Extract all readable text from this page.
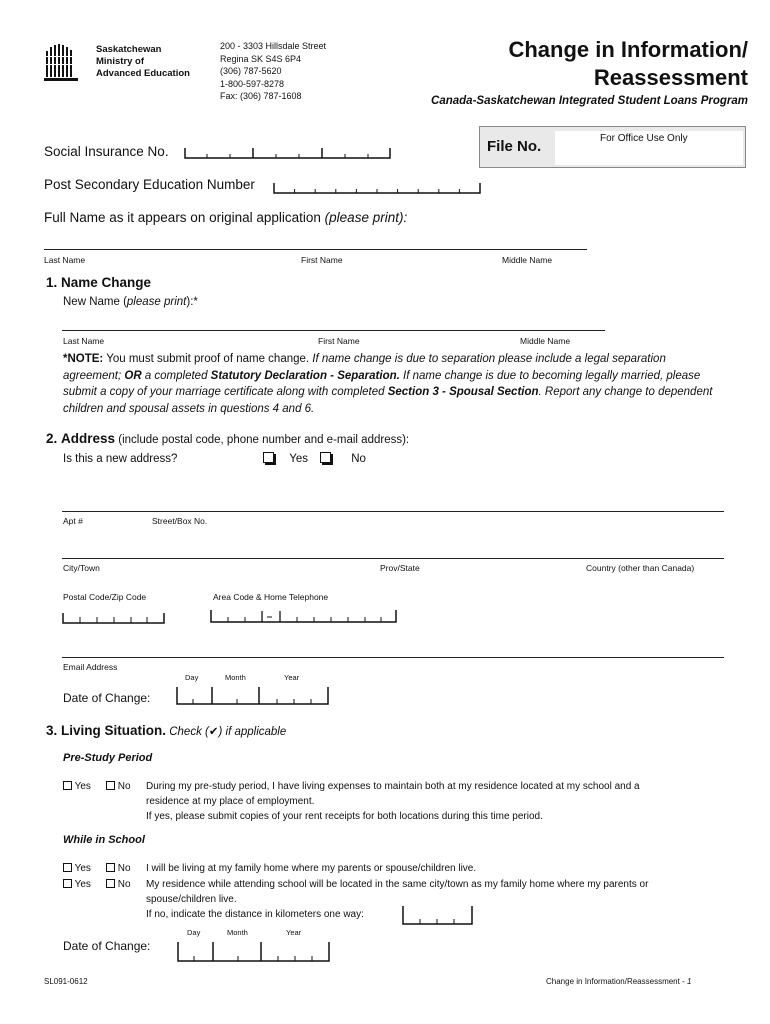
Saskatchewan
Ministry of
Advanced Education
200 - 3303 Hillsdale Street
Regina SK S4S 6P4
(306) 787-5620
1-800-597-8278
Fax: (306) 787-1608
Change in Information/
Reassessment
Canada-Saskatchewan Integrated Student Loans Program
File No.	For Office Use Only
Social Insurance No.
Post Secondary Education Number
Full Name as it appears on original application (please print):
Last Name	First Name	Middle Name
1. Name Change
New Name (please print):*
Last Name	First Name	Middle Name
*NOTE: You must submit proof of name change. If name change is due to separation please include a legal separation agreement; OR a completed Statutory Declaration - Separation. If name change is due to becoming legally married, please submit a copy of your marriage certificate along with completed Section 3 - Spousal Section. Report any change to dependent children and spousal assets in questions 4 and 6.
2. Address (include postal code, phone number and e-mail address):
Is this a new address?	Yes	No
Apt #	Street/Box No.
City/Town	Prov/State	Country (other than Canada)
Postal Code/Zip Code	Area Code & Home Telephone
Email Address
Day	Month	Year
Date of Change:
3. Living Situation. Check (✔) if applicable
Pre-Study Period
Yes	No During my pre-study period, I have living expenses to maintain both at my residence located at my school and a
residence at my place of employment.
If yes, please submit copies of your rent receipts for both locations during this time period.
While in School
Yes	No I will be living at my family home where my parents or spouse/children live.
Yes	No My residence while attending school will be located in the same city/town as my family home where my parents or
spouse/children live.
If no, indicate the distance in kilometers one way:
Day	Month	Year
Date of Change:
SL091-0612	Change in Information/Reassessment - 1
